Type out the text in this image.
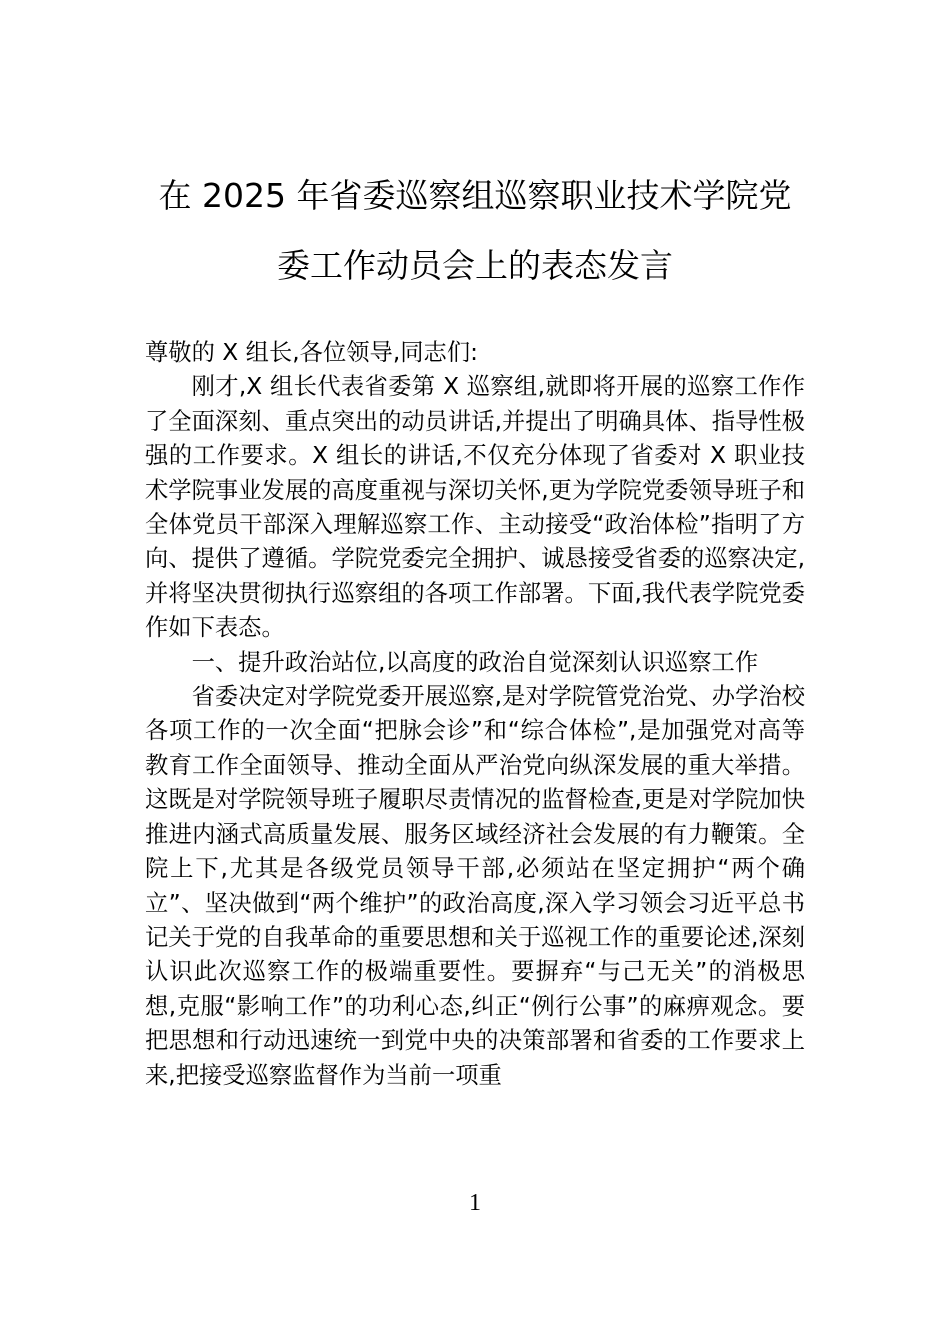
在 2025 年省委巡察组巡察职业技术学院党
委工作动员会上的表态发言

尊敬的 X 组长,各位领导,同志们:

刚才,X 组长代表省委第 X 巡察组,就即将开展的巡察工作作了全面深刻、重点突出的动员讲话,并提出了明确具体、指导性极强的工作要求。X 组长的讲话,不仅充分体现了省委对 X 职业技术学院事业发展的高度重视与深切关怀,更为学院党委领导班子和全体党员干部深入理解巡察工作、主动接受“政治体检”指明了方向、提供了遵循。学院党委完全拥护、诚恳接受省委的巡察决定,并将坚决贯彻执行巡察组的各项工作部署。下面,我代表学院党委作如下表态。

一、提升政治站位,以高度的政治自觉深刻认识巡察工作

省委决定对学院党委开展巡察,是对学院管党治党、办学治校各项工作的一次全面“把脉会诊”和“综合体检”,是加强党对高等教育工作全面领导、推动全面从严治党向纵深发展的重大举措。这既是对学院领导班子履职尽责情况的监督检查,更是对学院加快推进内涵式高质量发展、服务区域经济社会发展的有力鞭策。全院上下,尤其是各级党员领导干部,必须站在坚定拥护“两个确立”、坚决做到“两个维护”的政治高度,深入学习领会习近平总书记关于党的自我革命的重要思想和关于巡视工作的重要论述,深刻认识此次巡察工作的极端重要性。要摒弃“与己无关”的消极思想,克服“影响工作”的功利心态,纠正“例行公事”的麻痹观念。要把思想和行动迅速统一到党中央的决策部署和省委的工作要求上来,把接受巡察监督作为当前一项重

1
